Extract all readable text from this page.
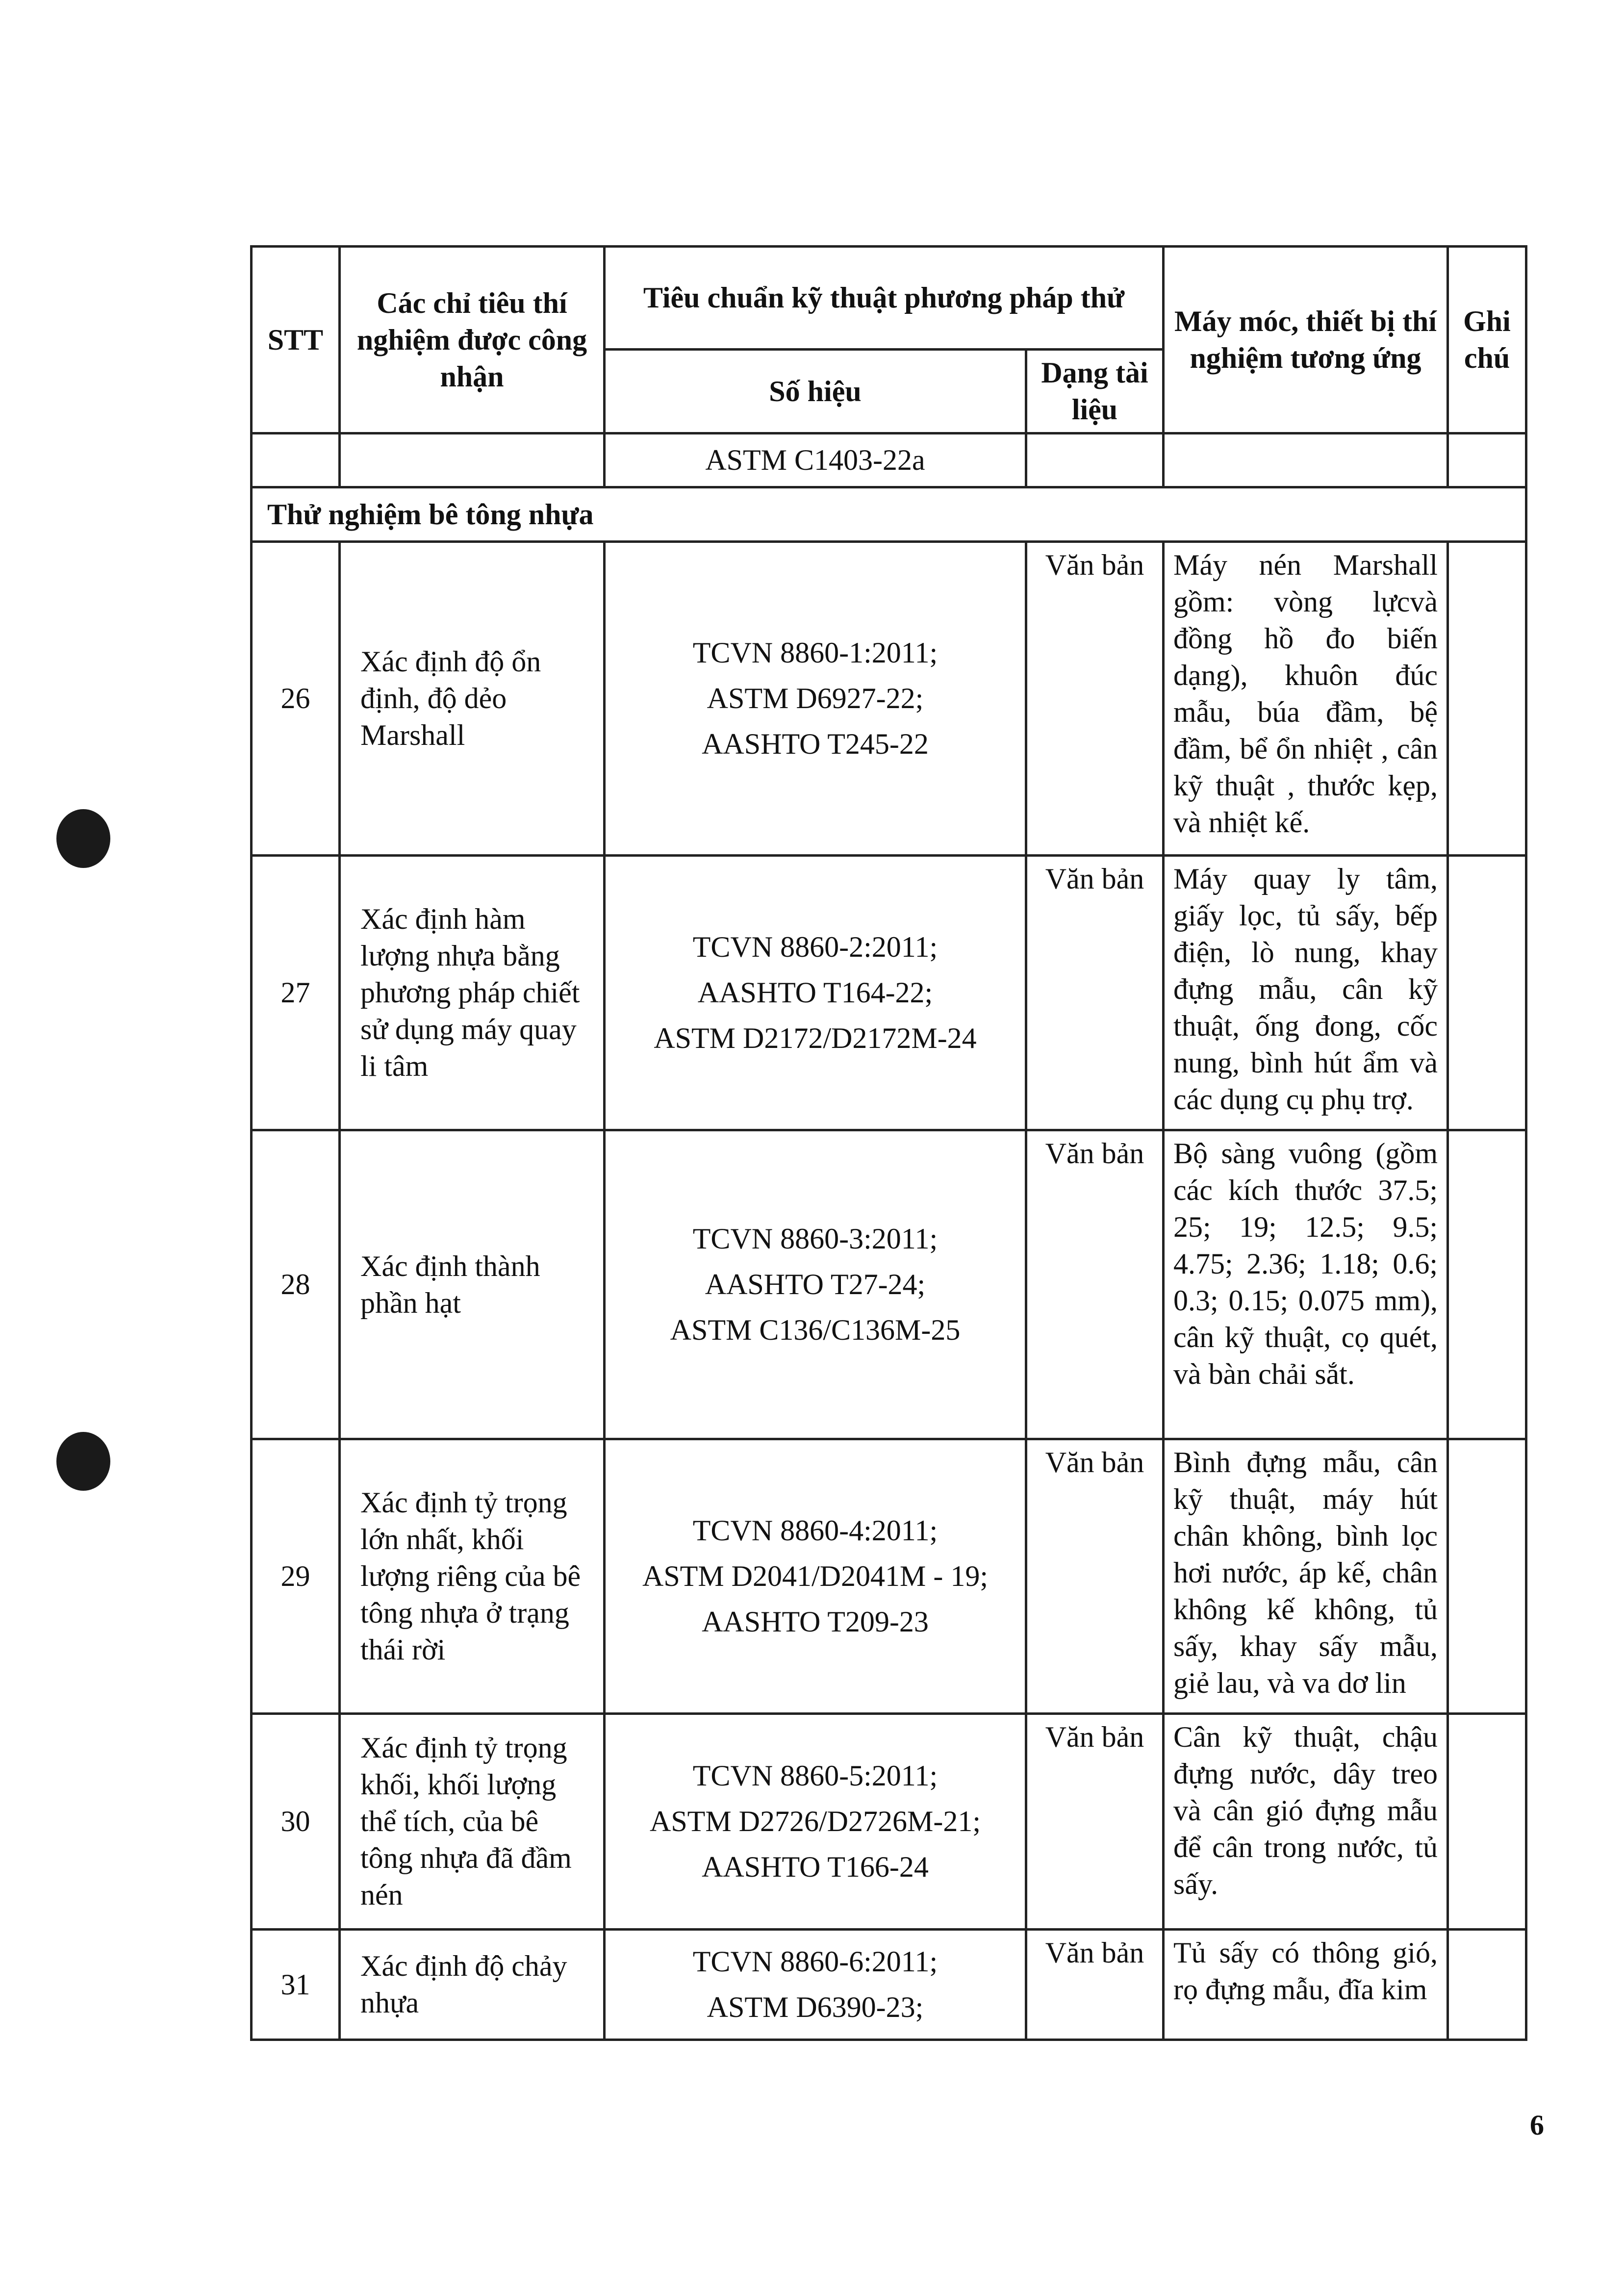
STT	Các chỉ tiêu thí nghiệm được công nhận	Tiêu chuẩn kỹ thuật phương pháp thử		Máy móc, thiết bị thí nghiệm tương ứng	Ghi chú
		Số hiệu	Dạng tài liệu		
		ASTM C1403-22a			
Thử nghiệm bê tông nhựa					
26	Xác định độ ổn định, độ dẻo Marshall	TCVN 8860-1:2011;
ASTM D6927-22;
AASHTO T245-22	Văn bản	Máy nén Marshall gồm: vòng lựcvà đồng hồ đo biến dạng), khuôn đúc mẫu, búa đầm, bệ đầm, bể ổn nhiệt , cân kỹ thuật , thước kẹp, và nhiệt kế.	
27	Xác định hàm lượng nhựa bằng phương pháp chiết sử dụng máy quay li tâm	TCVN 8860-2:2011;
AASHTO T164-22;
ASTM D2172/D2172M-24	Văn bản	Máy quay ly tâm, giấy lọc, tủ sấy, bếp điện, lò nung, khay đựng mẫu, cân kỹ thuật, ống đong, cốc nung, bình hút ẩm và các dụng cụ phụ trợ.	
28	Xác định thành phần hạt	TCVN 8860-3:2011;
AASHTO T27-24;
ASTM C136/C136M-25	Văn bản	Bộ sàng vuông (gồm các kích thước 37.5; 25; 19; 12.5; 9.5; 4.75; 2.36; 1.18; 0.6; 0.3; 0.15; 0.075 mm), cân kỹ thuật, cọ quét, và bàn chải sắt.	
29	Xác định tỷ trọng lớn nhất, khối lượng riêng của bê tông nhựa ở trạng thái rời	TCVN 8860-4:2011;
ASTM D2041/D2041M - 19;
AASHTO T209-23	Văn bản	Bình đựng mẫu, cân kỹ thuật, máy hút chân không, bình lọc hơi nước, áp kế, chân không kế không, tủ sấy, khay sấy mẫu, giẻ lau, và va dơ lin	
30	Xác định tỷ trọng khối, khối lượng thể tích, của bê tông nhựa đã đầm nén	TCVN 8860-5:2011;
ASTM D2726/D2726M-21;
AASHTO T166-24	Văn bản	Cân kỹ thuật, chậu đựng nước, dây treo và cân gió đựng mẫu để cân trong nước, tủ sấy.	
31	Xác định độ chảy nhựa	TCVN 8860-6:2011;
ASTM D6390-23;	Văn bản	Tủ sấy có thông gió, rọ đựng mẫu, đĩa kim	
6
